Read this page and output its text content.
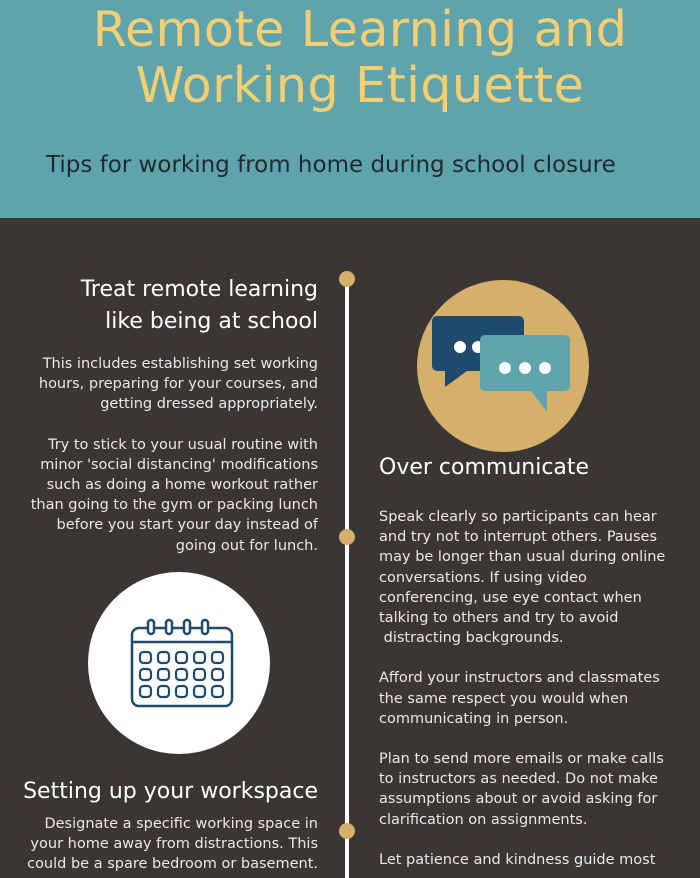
Remote Learning and
Working Etiquette
Tips for working from home during school closure
Treat remote learning
like being at school

This includes establishing set working
hours, preparing for your courses, and
getting dressed appropriately.

Try to stick to your usual routine with
minor 'social distancing' modifications
such as doing a home workout rather
than going to the gym or packing lunch
before you start your day instead of
going out for lunch.

Over communicate

Speak clearly so participants can hear
and try not to interrupt others. Pauses
may be longer than usual during online
conversations. If using video
conferencing, use eye contact when
talking to others and try to avoid
distracting backgrounds.

Afford your instructors and classmates
the same respect you would when
communicating in person.

Plan to send more emails or make calls
to instructors as needed. Do not make
assumptions about or avoid asking for
clarification on assignments.

Let patience and kindness guide most

Setting up your workspace

Designate a specific working space in
your home away from distractions. This
could be a spare bedroom or basement.
